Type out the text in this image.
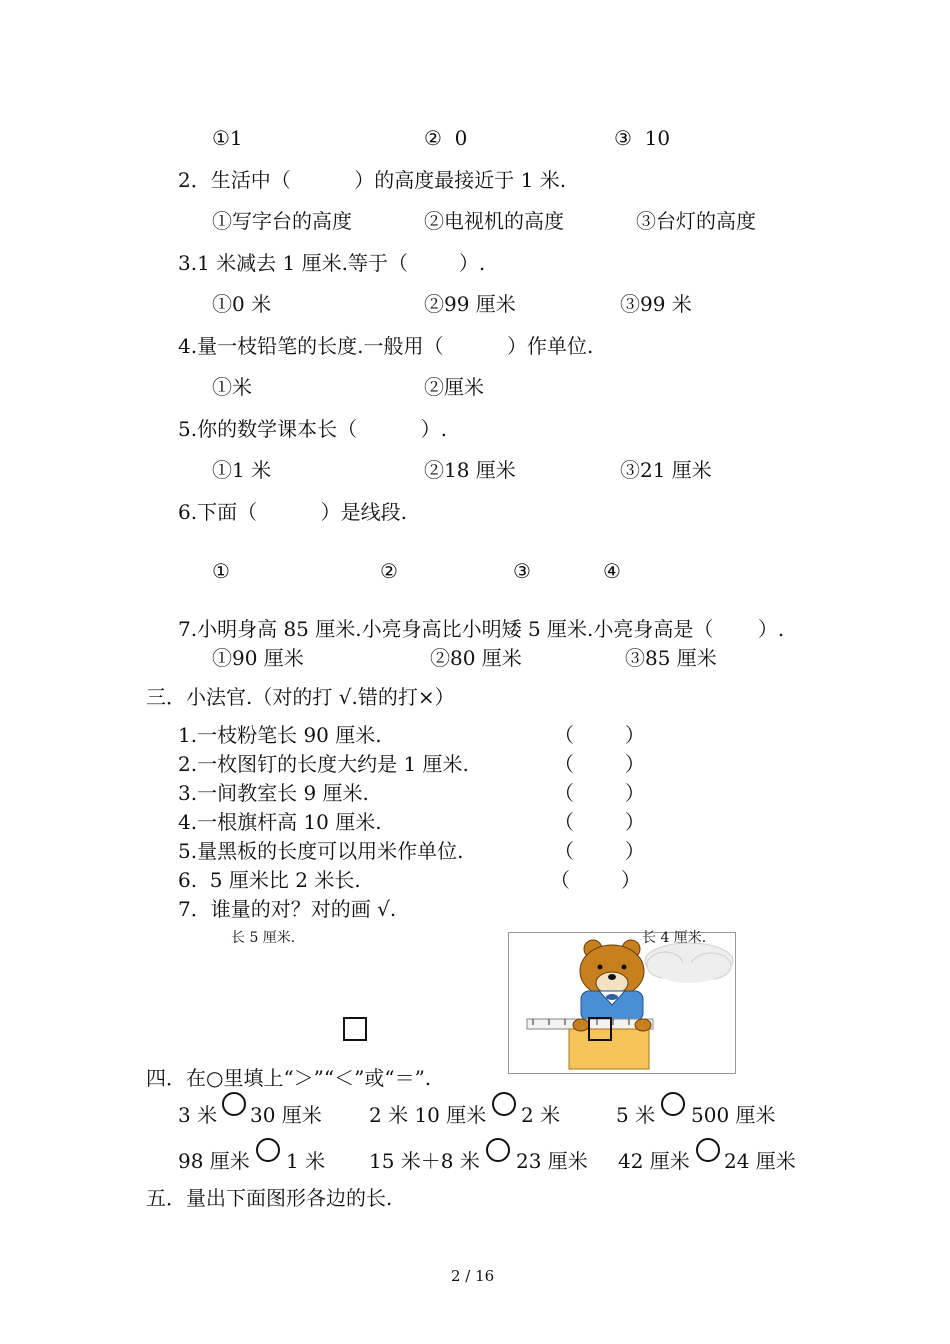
①1	②  0	③  10
2．生活中（          ）的高度最接近于 1 米.
①写字台的高度	②电视机的高度	③台灯的高度
3.1 米减去 1 厘米.等于（        ）.
①0 米	②99 厘米	③99 米
4.量一枝铅笔的长度.一般用（          ）作单位.
①米	②厘米
5.你的数学课本长（          ）.
①1 米	②18 厘米	③21 厘米
6.下面（          ）是线段.
①	②	③	④
7.小明身高 85 厘米.小亮身高比小明矮 5 厘米.小亮身高是（       ）.
①90 厘米	②80 厘米	③85 厘米
三．小法官.（对的打 √.错的打×）
1.一枝粉笔长 90 厘米.	（        ）
2.一枚图钉的长度大约是 1 厘米.	（        ）
3.一间教室长 9 厘米.	（        ）
4.一根旗杆高 10 厘米.	（        ）
5.量黑板的长度可以用米作单位.	（        ）
6.  5 厘米比 2 米长.	（        ）
7．谁量的对？对的画 √.
长 5 厘米.	长 4 厘米.
四．在○里填上“＞”“＜”或“＝”.
3 米 30 厘米 2 米 10 厘米 2 米	5 米 500 厘米
98 厘米 1 米 15 米＋8 米 23 厘米 42 厘米 24 厘米
五．量出下面图形各边的长.
2 / 16
